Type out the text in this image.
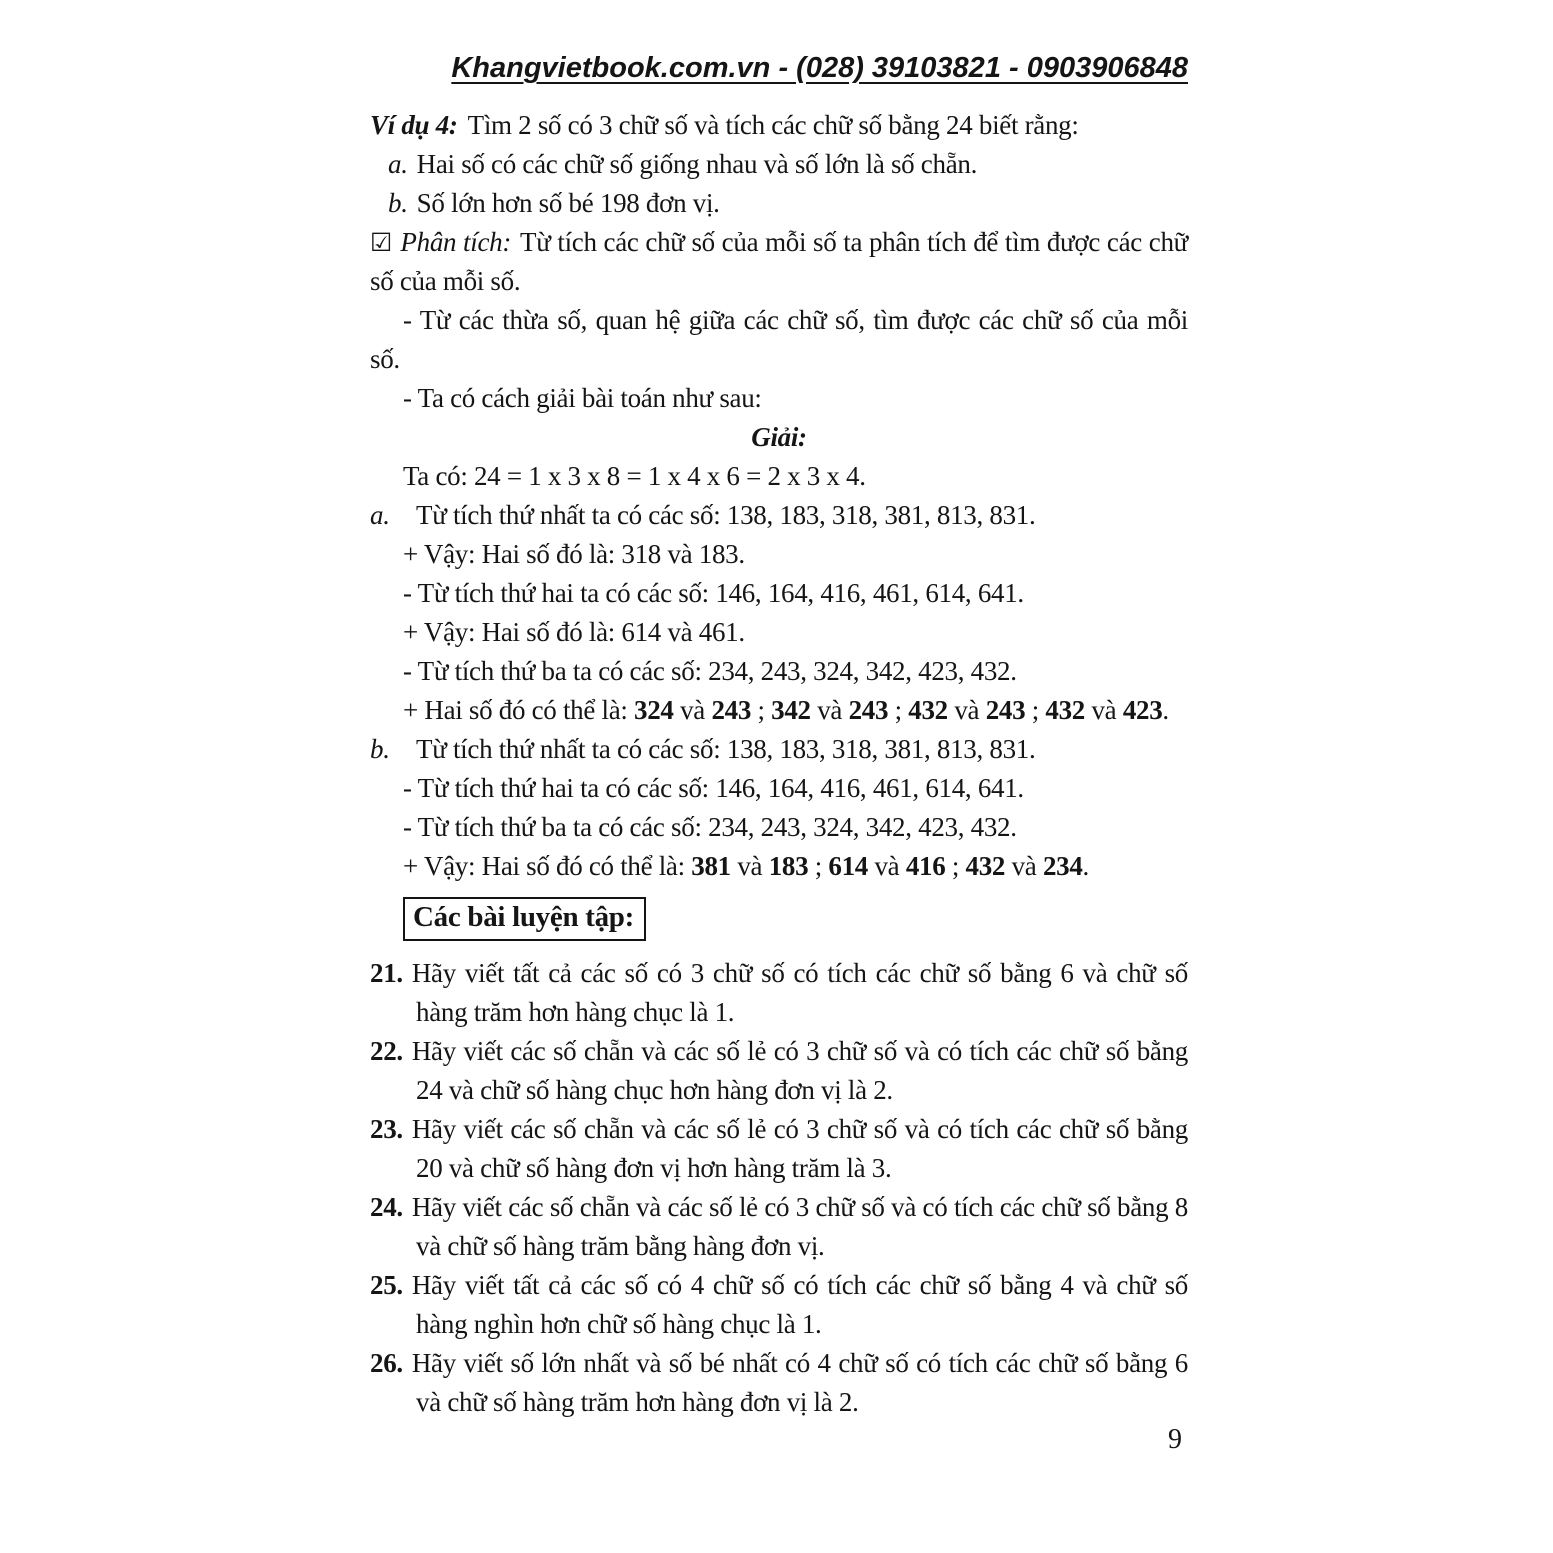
Khangvietbook.com.vn - (028) 39103821 - 0903906848

Ví dụ 4: Tìm 2 số có 3 chữ số và tích các chữ số bằng 24 biết rằng:

a. Hai số có các chữ số giống nhau và số lớn là số chẵn.

b. Số lớn hơn số bé 198 đơn vị.

☑ Phân tích: Từ tích các chữ số của mỗi số ta phân tích để tìm được các chữ số của mỗi số.

- Từ các thừa số, quan hệ giữa các chữ số, tìm được các chữ số của mỗi số.

- Ta có cách giải bài toán như sau:

Giải:

Ta có: 24 = 1 x 3 x 8 = 1 x 4 x 6 = 2 x 3 x 4.

a. Từ tích thứ nhất ta có các số: 138, 183, 318, 381, 813, 831.

+ Vậy: Hai số đó là: 318 và 183.

- Từ tích thứ hai ta có các số: 146, 164, 416, 461, 614, 641.

+ Vậy: Hai số đó là: 614 và 461.

- Từ tích thứ ba ta có các số: 234, 243, 324, 342, 423, 432.

+ Hai số đó có thể là: 324 và 243 ; 342 và 243 ; 432 và 243 ; 432 và 423.

b. Từ tích thứ nhất ta có các số: 138, 183, 318, 381, 813, 831.

- Từ tích thứ hai ta có các số: 146, 164, 416, 461, 614, 641.

- Từ tích thứ ba ta có các số: 234, 243, 324, 342, 423, 432.

+ Vậy: Hai số đó có thể là: 381 và 183 ; 614 và 416 ; 432 và 234.

Các bài luyện tập:

21. Hãy viết tất cả các số có 3 chữ số có tích các chữ số bằng 6 và chữ số hàng trăm hơn hàng chục là 1.

22. Hãy viết các số chẵn và các số lẻ có 3 chữ số và có tích các chữ số bằng 24 và chữ số hàng chục hơn hàng đơn vị là 2.

23. Hãy viết các số chẵn và các số lẻ có 3 chữ số và có tích các chữ số bằng 20 và chữ số hàng đơn vị hơn hàng trăm là 3.

24. Hãy viết các số chẵn và các số lẻ có 3 chữ số và có tích các chữ số bằng 8 và chữ số hàng trăm bằng hàng đơn vị.

25. Hãy viết tất cả các số có 4 chữ số có tích các chữ số bằng 4 và chữ số hàng nghìn hơn chữ số hàng chục là 1.

26. Hãy viết số lớn nhất và số bé nhất có 4 chữ số có tích các chữ số bằng 6 và chữ số hàng trăm hơn hàng đơn vị là 2.

9
